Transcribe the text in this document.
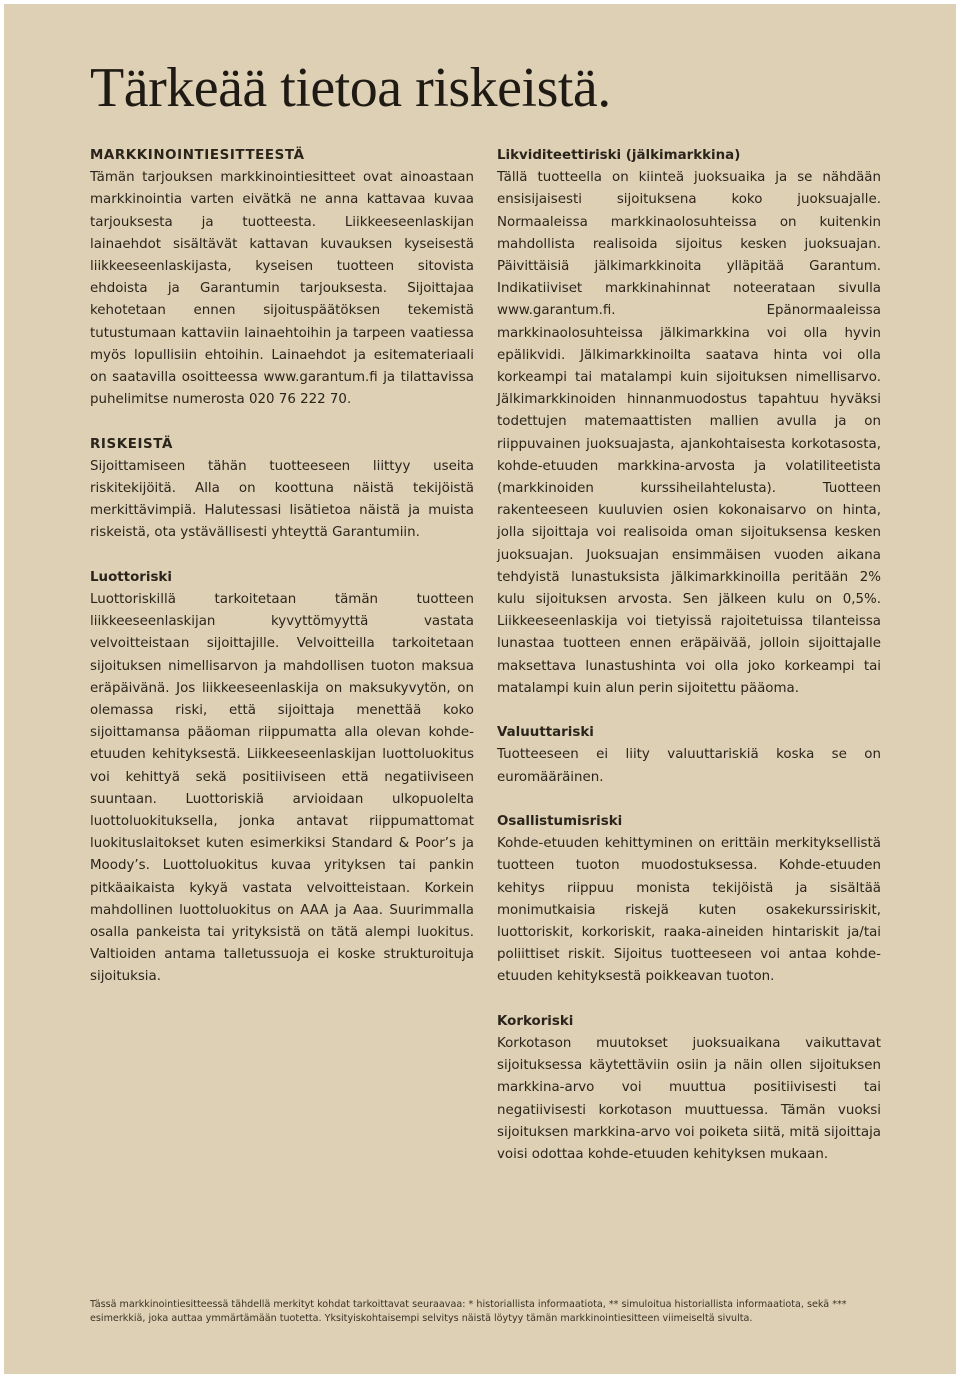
Tärkeää tietoa riskeistä.
MARKKINOINTIESITTEESTÄ

Tämän tarjouksen markkinointiesitteet ovat ainoastaan markkinointia varten eivätkä ne anna kattavaa kuvaa tarjouksesta ja tuotteesta. Liikkeeseenlaskijan lainaehdot sisältävät kattavan kuvauksen kyseisestä liikkeeseenlaskijasta, kyseisen tuotteen sitovista ehdoista ja Garantumin tarjouksesta. Sijoittajaa kehotetaan ennen sijoituspäätöksen tekemistä tutustumaan kattaviin lainaehtoihin ja tarpeen vaatiessa myös lopullisiin ehtoihin. Lainaehdot ja esitemateriaali on saatavilla osoitteessa www.garantum.fi ja tilattavissa puhelimitse numerosta 020 76 222 70.

RISKEISTÄ

Sijoittamiseen tähän tuotteeseen liittyy useita riskitekijöitä. Alla on koottuna näistä tekijöistä merkittävimpiä. Halutessasi lisätietoa näistä ja muista riskeistä, ota ystävällisesti yhteyttä Garantumiin.

Luottoriski

Luottoriskillä tarkoitetaan tämän tuotteen liikkeeseenlaskijan kyvyttömyyttä vastata velvoitteistaan sijoittajille. Velvoitteilla tarkoitetaan sijoituksen nimellisarvon ja mahdollisen tuoton maksua eräpäivänä. Jos liikkeeseenlaskija on maksukyvytön, on olemassa riski, että sijoittaja menettää koko sijoittamansa pääoman riippumatta alla olevan kohde-etuuden kehityksestä. Liikkeeseenlaskijan luottoluokitus voi kehittyä sekä positiiviseen että negatiiviseen suuntaan. Luottoriskiä arvioidaan ulkopuolelta luottoluokituksella, jonka antavat riippumattomat luokituslaitokset kuten esimerkiksi Standard & Poor’s ja Moody’s. Luottoluokitus kuvaa yrityksen tai pankin pitkäaikaista kykyä vastata velvoitteistaan. Korkein mahdollinen luottoluokitus on AAA ja Aaa. Suurimmalla osalla pankeista tai yrityksistä on tätä alempi luokitus. Valtioiden antama talletussuoja ei koske strukturoituja sijoituksia.

Likviditeettiriski (jälkimarkkina)

Tällä tuotteella on kiinteä juoksuaika ja se nähdään ensisijaisesti sijoituksena koko juoksuajalle. Normaaleissa markkinaolosuhteissa on kuitenkin mahdollista realisoida sijoitus kesken juoksuajan. Päivittäisiä jälkimarkkinoita ylläpitää Garantum. Indikatiiviset markkinahinnat noteerataan sivulla www.garantum.fi. Epänormaaleissa markkinaolosuhteissa jälkimarkkina voi olla hyvin epälikvidi. Jälkimarkkinoilta saatava hinta voi olla korkeampi tai matalampi kuin sijoituksen nimellisarvo. Jälkimarkkinoiden hinnanmuodostus tapahtuu hyväksi todettujen matemaattisten mallien avulla ja on riippuvainen juoksuajasta, ajankohtaisesta korkotasosta, kohde-etuuden markkina-arvosta ja volatiliteetista (markkinoiden kurssiheilahtelusta). Tuotteen rakenteeseen kuuluvien osien kokonaisarvo on hinta, jolla sijoittaja voi realisoida oman sijoituksensa kesken juoksuajan. Juoksuajan ensimmäisen vuoden aikana tehdyistä lunastuksista jälkimarkkinoilla peritään 2% kulu sijoituksen arvosta. Sen jälkeen kulu on 0,5%. Liikkeeseenlaskija voi tietyissä rajoitetuissa tilanteissa lunastaa tuotteen ennen eräpäivää, jolloin sijoittajalle maksettava lunastushinta voi olla joko korkeampi tai matalampi kuin alun perin sijoitettu pääoma.

Valuuttariski

Tuotteeseen ei liity valuuttariskiä koska se on euromääräinen.

Osallistumisriski

Kohde-etuuden kehittyminen on erittäin merkityksellistä tuotteen tuoton muodostuksessa. Kohde-etuuden kehitys riippuu monista tekijöistä ja sisältää monimutkaisia riskejä kuten osakekurssiriskit, luottoriskit, korkoriskit, raaka-aineiden hintariskit ja/tai poliittiset riskit. Sijoitus tuotteeseen voi antaa kohde-etuuden kehityksestä poikkeavan tuoton.

Korkoriski

Korkotason muutokset juoksuaikana vaikuttavat sijoituksessa käytettäviin osiin ja näin ollen sijoituksen markkina-arvo voi muuttua positiivisesti tai negatiivisesti korkotason muuttuessa. Tämän vuoksi sijoituksen markkina-arvo voi poiketa siitä, mitä sijoittaja voisi odottaa kohde-etuuden kehityksen mukaan.

Tässä markkinointiesitteessä tähdellä merkityt kohdat tarkoittavat seuraavaa: * historiallista informaatiota, ** simuloitua historiallista informaatiota, sekä *** esimerkkiä, joka auttaa ymmärtämään tuotetta. Yksityiskohtaisempi selvitys näistä löytyy tämän markkinointiesitteen viimeiseltä sivulta.
